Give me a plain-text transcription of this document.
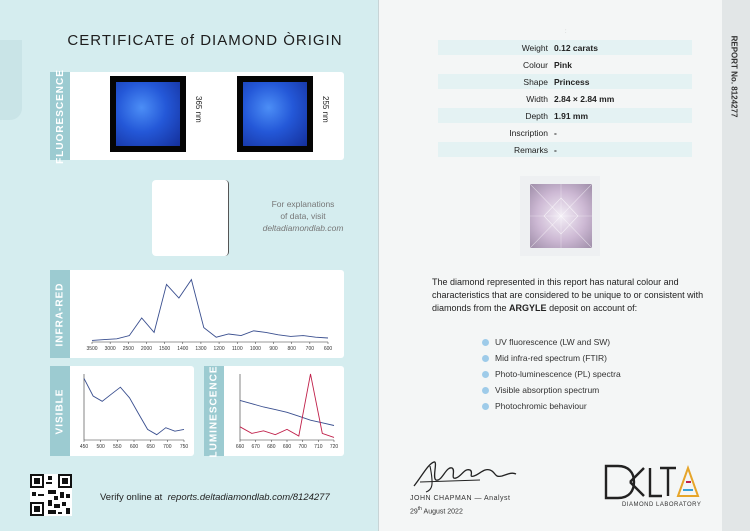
CERTIFICATE of DIAMOND ÒRIGIN
FLUORESCENCE	365 nm	255 nm
For explanations
of data, visit
deltadiamondlab.com
INFRA-RED
3500 3000 2500 2000 1500 1400 1300 1200 1100 1000 900 800 700 600
VISIBLE
450 500 550 600 650 700 750 LUMINESCENCE	660 670 680 690 700 710 720
Verify online at reports.deltadiamondlab.com/8124277
ː
REPORT No. 8124277
Weight 0.12 carats
Colour Pink
Shape Princess
Width 2.84 × 2.84 mm
Depth 1.91 mm
Inscription -
Remarks -
The diamond represented in this report has natural colour and characteristics that are considered to be unique to or consistent with diamonds from the ARGYLE deposit on account of:
UV fluorescence (LW and SW)
Mid infra-red spectrum (FTIR)
Photo-luminescence (PL) spectra
Visible absorption spectrum
Photochromic behaviour
JOHN CHAPMAN — Analyst
29th August 2022
DIAMOND LABORATORY
